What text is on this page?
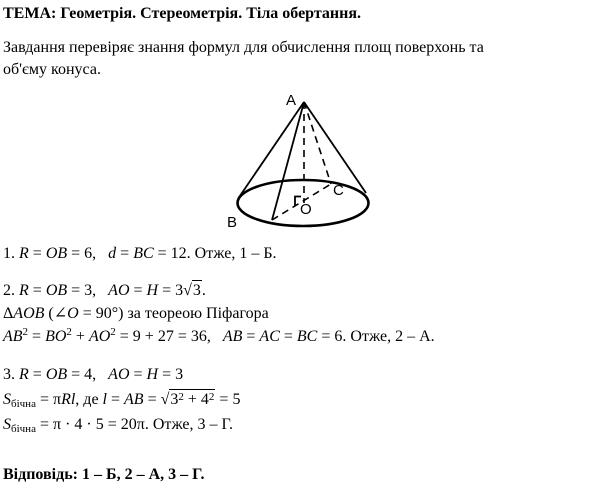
ТЕМА: Геометрія. Стереометрія. Тіла обертання.

Завдання перевіряє знання формул для обчислення площ поверхонь та
об'єму конуса.

A
B
C
O
1. R = OB = 6, d = BC = 12. Отже, 1 – Б.
2. R = OB = 3, AO = H = 3√3.
ΔAOB (∠O = 90°) за теореою Піфагора
$AB^2 = BO^2 + AO^2 = 9 + 27 = 36$, AB = AC = BC = 6. Отже, 2 – А.
3. R = OB = 4, AO = H = 3
Sбічна = πRl, де l = AB = $√3^2 + 4^2 = 5$
Sбічна = π · 4 · 5 = 20π. Отже, 3 – Г.
Відповідь: 1 – Б, 2 – А, 3 – Г.
